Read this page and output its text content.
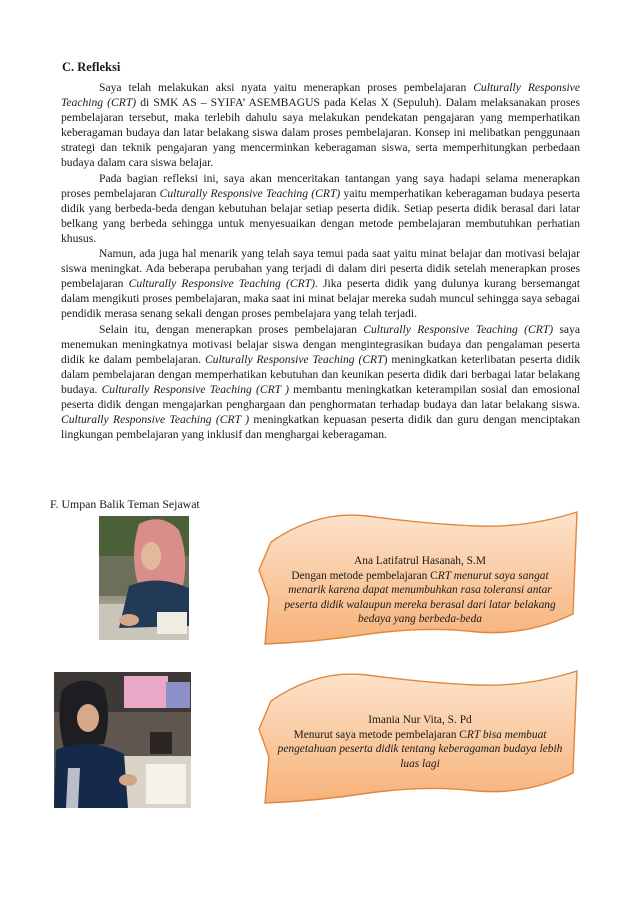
C. Refleksi

Saya telah melakukan aksi nyata yaitu menerapkan proses pembelajaran Culturally Responsive Teaching (CRT) di SMK AS – SYIFA’ ASEMBAGUS pada Kelas X (Sepuluh). Dalam melaksanakan proses pembelajaran tersebut, maka terlebih dahulu saya melakukan pendekatan pengajaran yang memperhatikan keberagaman budaya dan latar belakang siswa dalam proses pembelajaran. Konsep ini melibatkan penggunaan strategi dan teknik pengajaran yang mencerminkan keberagaman siswa, serta memperhitungkan perbedaan budaya dalam cara siswa belajar.

Pada bagian refleksi ini, saya akan menceritakan tantangan yang saya hadapi selama menerapkan proses pembelajaran Culturally Responsive Teaching (CRT) yaitu memperhatikan keberagaman budaya peserta didik yang berbeda-beda dengan kebutuhan belajar setiap peserta didik. Setiap peserta didik berasal dari latar belkang yang berbeda sehingga untuk menyesuaikan dengan metode pembelajaran membutuhkan perhatian khusus.

Namun, ada juga hal menarik yang telah saya temui pada saat yaitu minat belajar dan motivasi belajar siswa meningkat. Ada beberapa perubahan yang terjadi di dalam diri peserta didik setelah menerapkan proses pembelajaran Culturally Responsive Teaching (CRT). Jika peserta didik yang dulunya kurang bersemangat dalam mengikuti proses pembelajaran, maka saat ini minat belajar mereka sudah muncul sehingga saya sebagai pendidik merasa senang sekali dengan proses pembelajara yang telah terjadi.

Selain itu, dengan menerapkan proses pembelajaran Culturally Responsive Teaching (CRT) saya menemukan meningkatnya motivasi belajar siswa dengan mengintegrasikan budaya dan pengalaman peserta didik ke dalam pembelajaran. Culturally Responsive Teaching (CRT) meningkatkan keterlibatan peserta didik dalam pembelajaran dengan memperhatikan kebutuhan dan keunikan peserta didik dari berbagai latar belakang budaya. Culturally Responsive Teaching (CRT ) membantu meningkatkan keterampilan sosial dan emosional peserta didik dengan mengajarkan penghargaan dan penghormatan terhadap budaya dan latar belakang siswa. Culturally Responsive Teaching (CRT ) meningkatkan kepuasan peserta didik dan guru dengan menciptakan lingkungan pembelajaran yang inklusif dan menghargai keberagaman.

F. Umpan Balik Teman Sejawat
Ana Latifatrul Hasanah, S.M
Dengan metode pembelajaran CRT menurut saya sangat menarik karena dapat menumbuhkan rasa toleransi antar peserta didik walaupun mereka berasal dari latar belakang bedaya yang berbeda-beda
Imania Nur Vita, S. Pd
Menurut saya metode pembelajaran CRT bisa membuat pengetahuan peserta didik tentang keberagaman budaya lebih luas lagi
